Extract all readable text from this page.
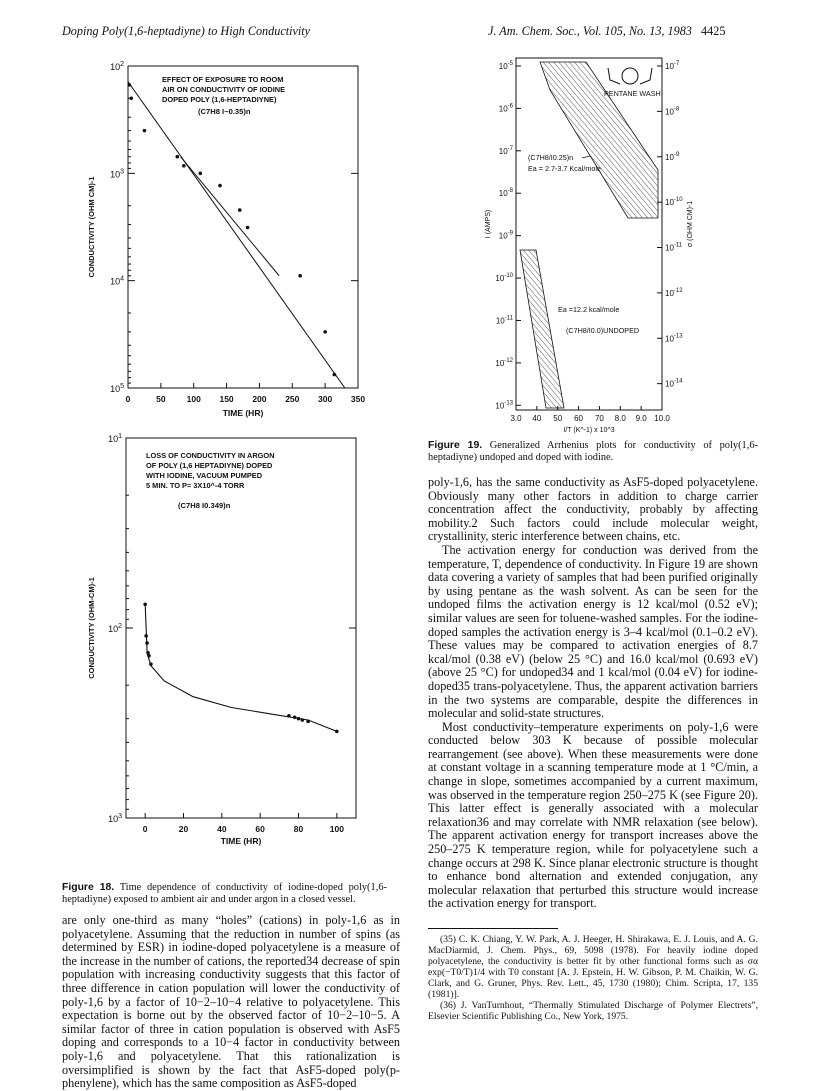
Doping Poly(1,6-heptadiyne) to High Conductivity	J. Am. Chem. Soc., Vol. 105, No. 13, 1983 4425
0	50 100 150 200 250 300 350
$10^2$
$10^3$
$10^4$
$10^5$
TIME (HR)
CONDUCTIVITY (OHM CM)-1
EFFECT OF EXPOSURE TO ROOM
AIR ON CONDUCTIVITY OF IODINE
DOPED POLY (1,6-HEPTADIYNE)
(C7H8 I~0.35)n
0	20	40	60	80	100
$10^1$
$10^2$
$10^3$
TIME (HR)
CONDUCTIVITY (OHM-CM)-1
LOSS OF CONDUCTIVITY IN ARGON
OF POLY (1,6 HEPTADIYNE) DOPED
WITH IODINE, VACUUM PUMPED
5 MIN. TO P= 3X10^-4 TORR
(C7H8 I0.349)n
Figure 18. Time dependence of conductivity of iodine-doped poly(1,6-heptadiyne) exposed to ambient air and under argon in a closed vessel.

are only one-third as many “holes” (cations) in poly-1,6 as in polyacetylene. Assuming that the reduction in number of spins (as determined by ESR) in iodine-doped polyacetylene is a measure of the increase in the number of cations, the reported34 decrease of spin population with increasing conductivity suggests that this factor of three difference in cation population will lower the conductivity of poly-1,6 by a factor of 10−2–10−4 relative to polyacetylene. This expectation is borne out by the observed factor of 10−2–10−5. A similar factor of three in cation population is observed with AsF5 doping and corresponds to a 10−4 factor in conductivity between poly-1,6 and polyacetylene. That this rationalization is oversimplified is shown by the fact that AsF5-doped poly(p-phenylene), which has the same composition as AsF5-doped

$10^{-5}$
$10^{-6}$
$10^{-7}$
$10^{-8}$
$10^{-9}$
$10^{-10}$
$10^{-11}$
$10^{-12}$
$10^{-13}$
$10^{-7}$
$10^{-8}$
$10^{-9}$
$10^{-10}$
$10^{-11}$
$10^{-12}$
$10^{-13}$
$10^{-14}$
3.0 40 50 60 70 8.0 9.0 10.0
I/T (K^-1) x 10^3
I (AMPS)	σ (OHM CM)-1
PENTANE WASH
(C7H8/I0.25)n
Ea = 2.7-3.7 Kcal/mole
Ea =12.2 kcal/mole
(C7H8/I0.0)UNDOPED
Figure 19. Generalized Arrhenius plots for conductivity of poly(1,6-heptadiyne) undoped and doped with iodine.

poly-1,6, has the same conductivity as AsF5-doped polyacetylene. Obviously many other factors in addition to charge carrier concentration affect the conductivity, probably by affecting mobility.2 Such factors could include molecular weight, crystallinity, steric interference between chains, etc.

The activation energy for conduction was derived from the temperature, T, dependence of conductivity. In Figure 19 are shown data covering a variety of samples that had been purified originally by using pentane as the wash solvent. As can be seen for the undoped films the activation energy is 12 kcal/mol (0.52 eV); similar values are seen for toluene-washed samples. For the iodine-doped samples the activation energy is 3–4 kcal/mol (0.1–0.2 eV). These values may be compared to activation energies of 8.7 kcal/mol (0.38 eV) (below 25 °C) and 16.0 kcal/mol (0.693 eV) (above 25 °C) for undoped34 and 1 kcal/mol (0.04 eV) for iodine-doped35 trans-polyacetylene. Thus, the apparent activation barriers in the two systems are comparable, despite the differences in molecular and solid-state structures.

Most conductivity–temperature experiments on poly-1,6 were conducted below 303 K because of possible molecular rearrangement (see above). When these measurements were done at constant voltage in a scanning temperature mode at 1 °C/min, a change in slope, sometimes accompanied by a current maximum, was observed in the temperature region 250–275 K (see Figure 20). This latter effect is generally associated with a molecular relaxation36 and may correlate with NMR relaxation (see below). The apparent activation energy for transport increases above the 250–275 K temperature region, while for polyacetylene such a change occurs at 298 K. Since planar electronic structure is thought to enhance bond alternation and extended conjugation, any molecular relaxation that perturbed this structure would increase the activation energy for transport.

(35) C. K. Chiang, Y. W. Park, A. J. Heeger, H. Shirakawa, E. J. Louis, and A. G. MacDiarmid, J. Chem. Phys., 69, 5098 (1978). For heavily iodine doped polyacetylene, the conductivity is better fit by other functional forms such as σα exp(−T0/T)1/4 with T0 constant [A. J. Epstein, H. W. Gibson, P. M. Chaikin, W. G. Clark, and G. Gruner, Phys. Rev. Lett., 45, 1730 (1980); Chim. Scripta, 17, 135 (1981)].

(36) J. VanTurnhout, “Thermally Stimulated Discharge of Polymer Electrets”, Elsevier Scientific Publishing Co., New York, 1975.
